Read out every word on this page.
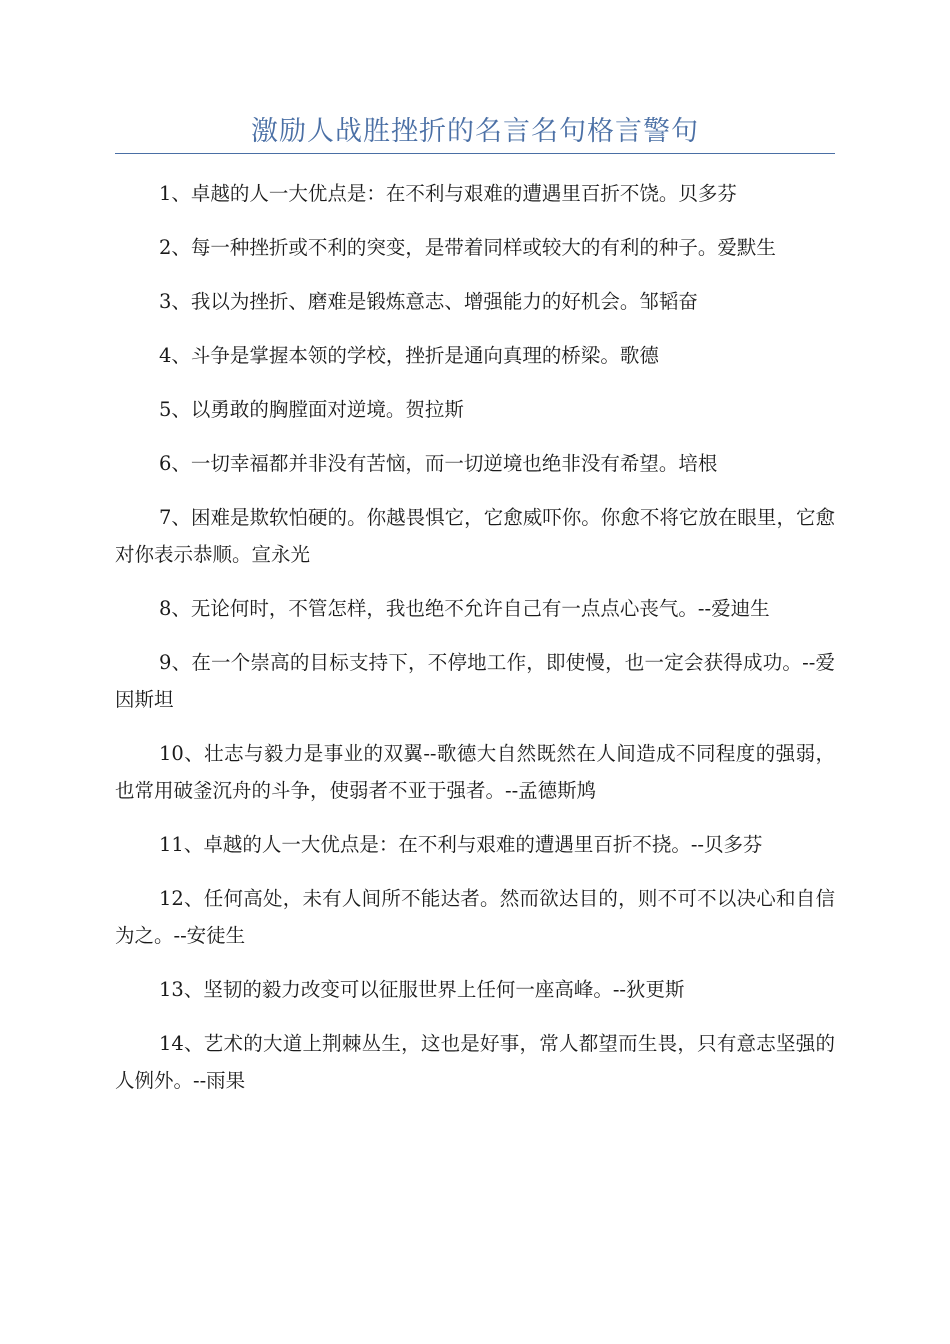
激励人战胜挫折的名言名句格言警句

1、卓越的人一大优点是：在不利与艰难的遭遇里百折不饶。贝多芬

2、每一种挫折或不利的突变，是带着同样或较大的有利的种子。爱默生

3、我以为挫折、磨难是锻炼意志、增强能力的好机会。邹韬奋

4、斗争是掌握本领的学校，挫折是通向真理的桥梁。歌德

5、以勇敢的胸膛面对逆境。贺拉斯

6、一切幸福都并非没有苦恼，而一切逆境也绝非没有希望。培根

7、困难是欺软怕硬的。你越畏惧它，它愈威吓你。你愈不将它放在眼里，它愈对你表示恭顺。宣永光

8、无论何时，不管怎样，我也绝不允许自己有一点点心丧气。--爱迪生

9、在一个崇高的目标支持下，不停地工作，即使慢，也一定会获得成功。--爱因斯坦

10、壮志与毅力是事业的双翼--歌德大自然既然在人间造成不同程度的强弱，也常用破釜沉舟的斗争，使弱者不亚于强者。--孟德斯鸠

11、卓越的人一大优点是：在不利与艰难的遭遇里百折不挠。--贝多芬

12、任何高处，未有人间所不能达者。然而欲达目的，则不可不以决心和自信为之。--安徒生

13、坚韧的毅力改变可以征服世界上任何一座高峰。--狄更斯

14、艺术的大道上荆棘丛生，这也是好事，常人都望而生畏，只有意志坚强的人例外。--雨果
